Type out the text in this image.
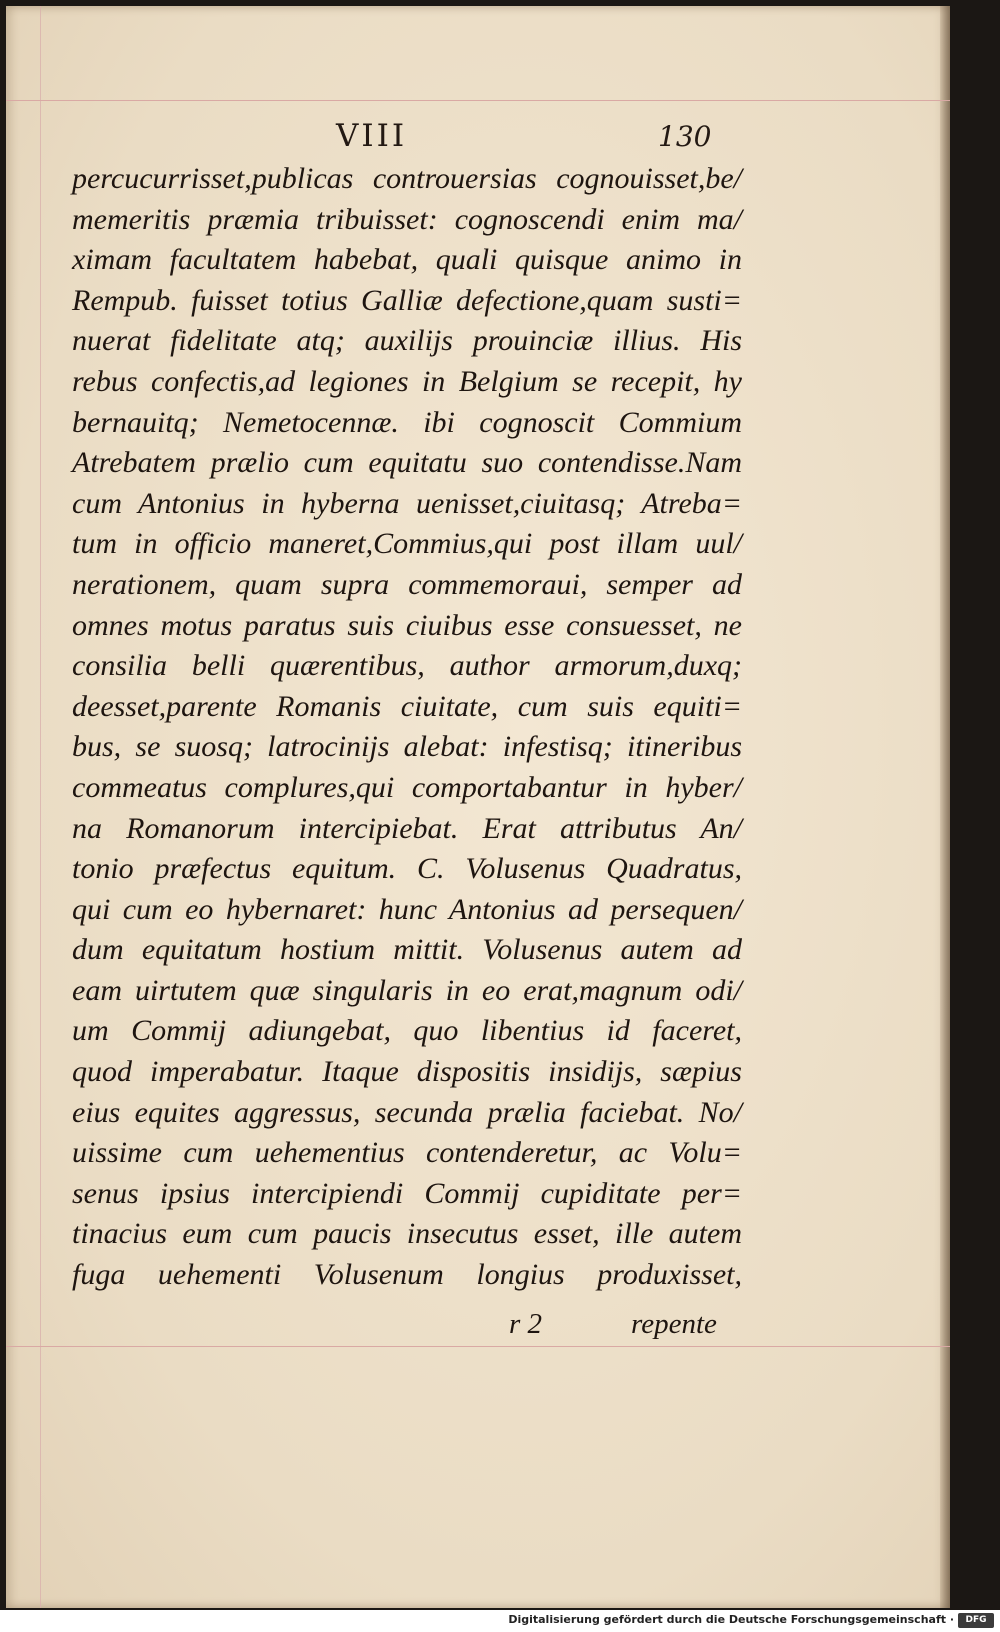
VIII	130
percucurrisset,publicas controuersias cognouisset,be/
memeritis præmia tribuisset: cognoscendi enim ma/
ximam facultatem habebat, quali quisque animo in
Rempub. fuisset totius Galliæ defectione,quam susti=
nuerat fidelitate atq; auxilijs prouinciæ illius. His
rebus confectis,ad legiones in Belgium se recepit, hy
bernauitq; Nemetocennæ. ibi cognoscit Commium
Atrebatem prælio cum equitatu suo contendisse.Nam
cum Antonius in hyberna uenisset,ciuitasq; Atreba=
tum in officio maneret,Commius,qui post illam uul/
nerationem, quam supra commemoraui, semper ad
omnes motus paratus suis ciuibus esse consuesset, ne
consilia belli quærentibus, author armorum,duxq;
deesset,parente Romanis ciuitate, cum suis equiti=
bus, se suosq; latrocinijs alebat: infestisq; itineribus
commeatus complures,qui comportabantur in hyber/
na Romanorum intercipiebat. Erat attributus An/
tonio præfectus equitum. C. Volusenus Quadratus,
qui cum eo hybernaret: hunc Antonius ad persequen/
dum equitatum hostium mittit. Volusenus autem ad
eam uirtutem quæ singularis in eo erat,magnum odi/
um Commij adiungebat, quo libentius id faceret,
quod imperabatur. Itaque dispositis insidijs, sæpius
eius equites aggressus, secunda prælia faciebat. No/
uissime cum uehementius contenderetur, ac Volu=
senus ipsius intercipiendi Commij cupiditate per=
tinacius eum cum paucis insecutus esset, ille autem
fuga uehementi Volusenum longius produxisset,
r 2	repente
Digitalisierung gefördert durch die Deutsche Forschungsgemeinschaft ·	DFG
